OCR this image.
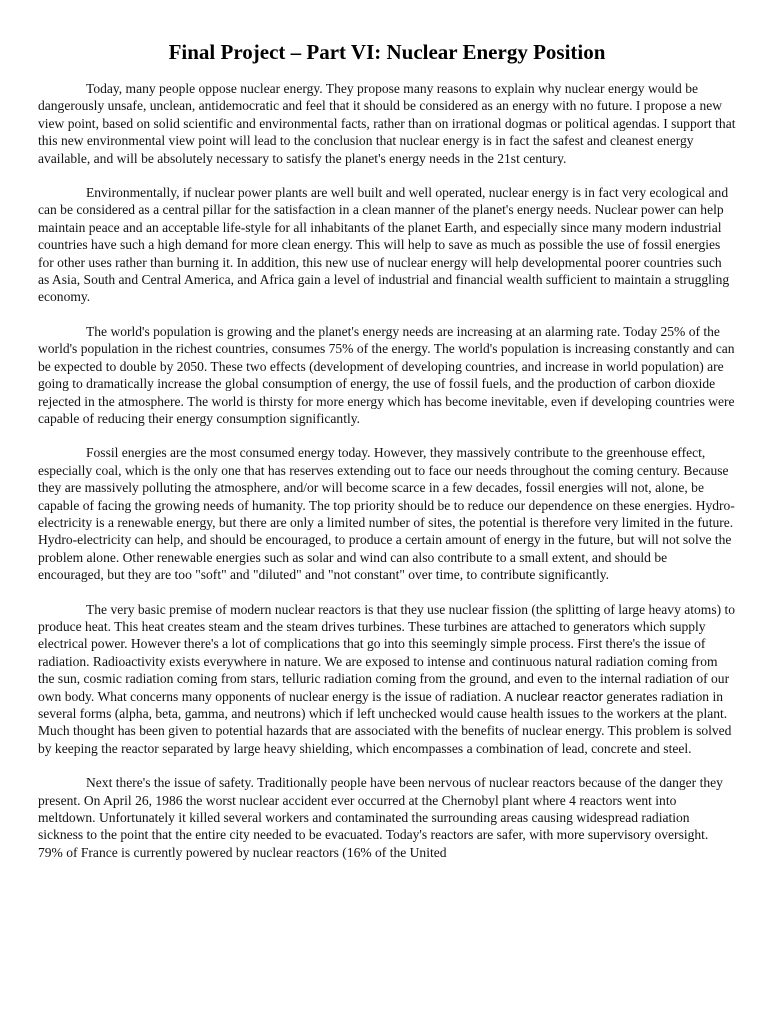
Final Project – Part VI: Nuclear Energy Position

Today, many people oppose nuclear energy. They propose many reasons to explain why nuclear energy would be dangerously unsafe, unclean, antidemocratic and feel that it should be considered as an energy with no future. I propose a new view point, based on solid scientific and environmental facts, rather than on irrational dogmas or political agendas. I support that this new environmental view point will lead to the conclusion that nuclear energy is in fact the safest and cleanest energy available, and will be absolutely necessary to satisfy the planet's energy needs in the 21st century.

Environmentally, if nuclear power plants are well built and well operated, nuclear energy is in fact very ecological and can be considered as a central pillar for the satisfaction in a clean manner of the planet's energy needs. Nuclear power can help maintain peace and an acceptable life-style for all inhabitants of the planet Earth, and especially since many modern industrial countries have such a high demand for more clean energy. This will help to save as much as possible the use of fossil energies for other uses rather than burning it. In addition, this new use of nuclear energy will help developmental poorer countries such as Asia, South and Central America, and Africa gain a level of industrial and financial wealth sufficient to maintain a struggling economy.

The world's population is growing and the planet's energy needs are increasing at an alarming rate. Today 25% of the world's population in the richest countries, consumes 75% of the energy. The world's population is increasing constantly and can be expected to double by 2050. These two effects (development of developing countries, and increase in world population) are going to dramatically increase the global consumption of energy, the use of fossil fuels, and the production of carbon dioxide rejected in the atmosphere. The world is thirsty for more energy which has become inevitable, even if developing countries were capable of reducing their energy consumption significantly.

Fossil energies are the most consumed energy today. However, they massively contribute to the greenhouse effect, especially coal, which is the only one that has reserves extending out to face our needs throughout the coming century. Because they are massively polluting the atmosphere, and/or will become scarce in a few decades, fossil energies will not, alone, be capable of facing the growing needs of humanity. The top priority should be to reduce our dependence on these energies. Hydro-electricity is a renewable energy, but there are only a limited number of sites, the potential is therefore very limited in the future. Hydro-electricity can help, and should be encouraged, to produce a certain amount of energy in the future, but will not solve the problem alone. Other renewable energies such as solar and wind can also contribute to a small extent, and should be encouraged, but they are too "soft" and "diluted" and "not constant" over time, to contribute significantly.

The very basic premise of modern nuclear reactors is that they use nuclear fission (the splitting of large heavy atoms) to produce heat. This heat creates steam and the steam drives turbines. These turbines are attached to generators which supply electrical power. However there's a lot of complications that go into this seemingly simple process. First there's the issue of radiation. Radioactivity exists everywhere in nature. We are exposed to intense and continuous natural radiation coming from the sun, cosmic radiation coming from stars, telluric radiation coming from the ground, and even to the internal radiation of our own body. What concerns many opponents of nuclear energy is the issue of radiation. A nuclear reactor generates radiation in several forms (alpha, beta, gamma, and neutrons) which if left unchecked would cause health issues to the workers at the plant. Much thought has been given to potential hazards that are associated with the benefits of nuclear energy. This problem is solved by keeping the reactor separated by large heavy shielding, which encompasses a combination of lead, concrete and steel.

Next there's the issue of safety. Traditionally people have been nervous of nuclear reactors because of the danger they present. On April 26, 1986 the worst nuclear accident ever occurred at the Chernobyl plant where 4 reactors went into meltdown. Unfortunately it killed several workers and contaminated the surrounding areas causing widespread radiation sickness to the point that the entire city needed to be evacuated. Today's reactors are safer, with more supervisory oversight. 79% of France is currently powered by nuclear reactors (16% of the United
